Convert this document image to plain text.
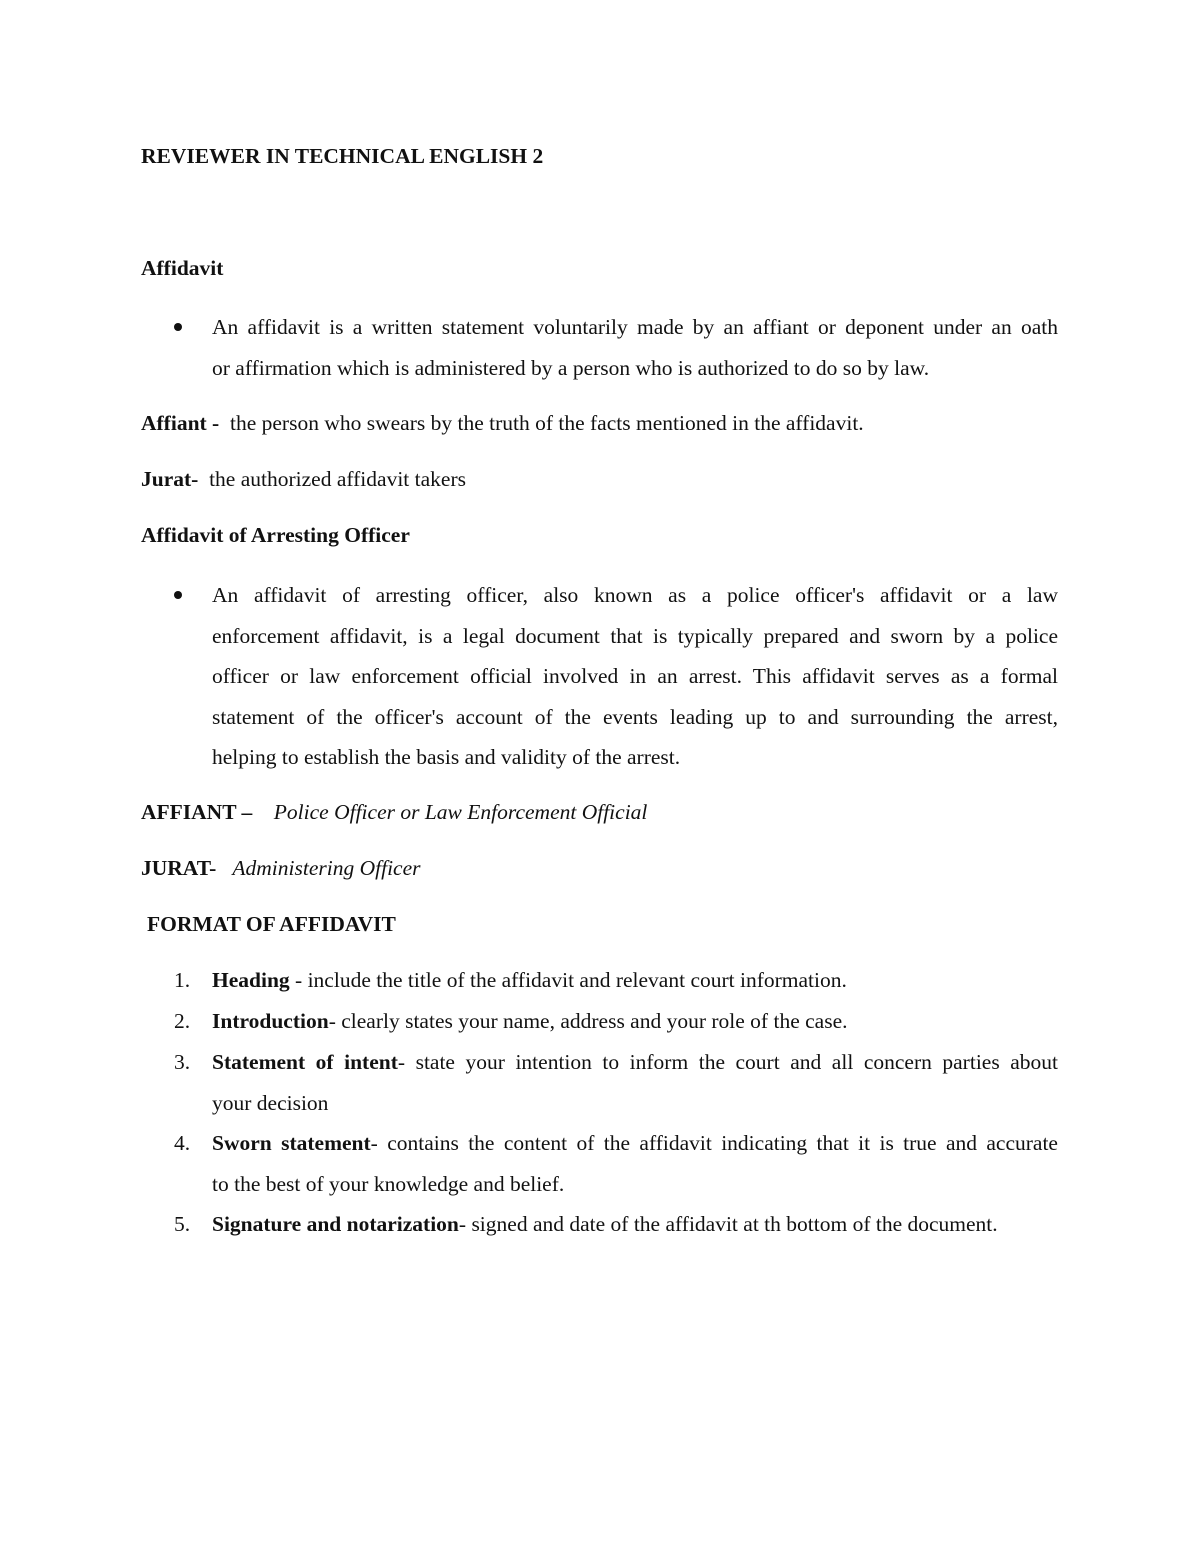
REVIEWER IN TECHNICAL ENGLISH 2
Affidavit
An affidavit is a written statement voluntarily made by an affiant or deponent under an oath
or affirmation which is administered by a person who is authorized to do so by law.
Affiant - the person who swears by the truth of the facts mentioned in the affidavit.
Jurat- the authorized affidavit takers
Affidavit of Arresting Officer
An affidavit of arresting officer, also known as a police officer's affidavit or a law
enforcement affidavit, is a legal document that is typically prepared and sworn by a police
officer or law enforcement official involved in an arrest. This affidavit serves as a formal
statement of the officer's account of the events leading up to and surrounding the arrest,
helping to establish the basis and validity of the arrest.
AFFIANT – Police Officer or Law Enforcement Official
JURAT- Administering Officer
FORMAT OF AFFIDAVIT
1. Heading - include the title of the affidavit and relevant court information.
2. Introduction- clearly states your name, address and your role of the case.
3. Statement of intent- state your intention to inform the court and all concern parties about
your decision
4. Sworn statement- contains the content of the affidavit indicating that it is true and accurate
to the best of your knowledge and belief.
5. Signature and notarization- signed and date of the affidavit at th bottom of the document.
